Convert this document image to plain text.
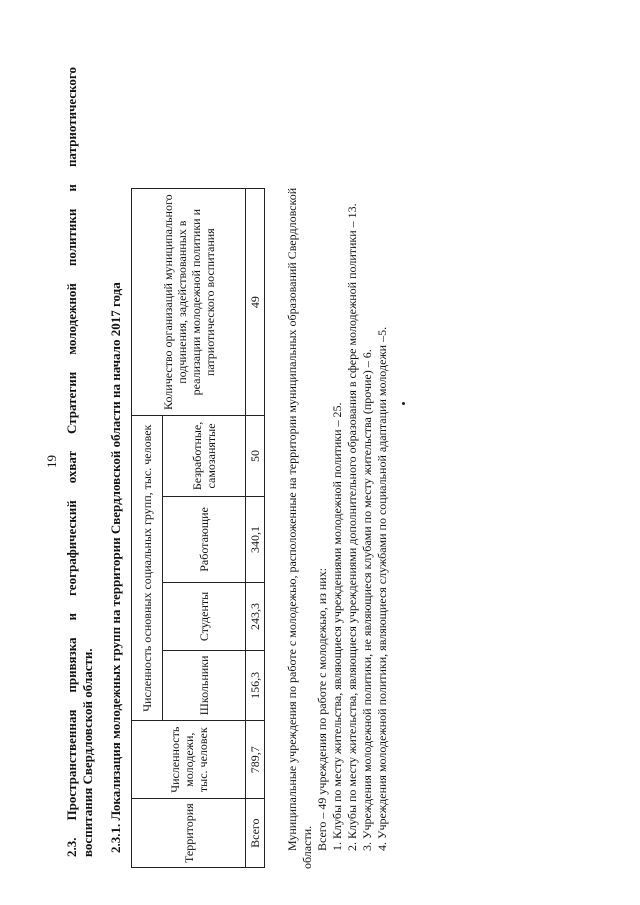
19 2.3. Пространственная привязка и географический охват Стратегии молодежной политики и патриотического воспитания Свердловской области. 2.3.1. Локализация молодежных групп на территории Свердловской области на начало 2017 года	Территория	Численность молодежи, тыс. человек	Численность основных социальных групп, тыс. человек				Количество организаций муниципального подчинения, задействованных в реализации молодежной политики и патриотического воспитания
		Школьники	Студенты	Работающие	Безработные, самозанятые	
Всего	789,7	156,3	243,3	340,1	50	49 Муниципальные учреждения по работе с молодежью, расположенные на территории муниципальных образований Свердловской области. Всего – 49 учреждения по работе с молодежью, из них: 1. Клубы по месту жительства, являющиеся учреждениями молодежной политики – 25. 2. Клубы по месту жительства, являющиеся учреждениями дополнительного образования в сфере молодежной политики – 13. 3. Учреждения молодежной политики, не являющиеся клубами по месту жительства (прочие) – 6. 4. Учреждения молодежной политики, являющиеся службами по социальной адаптации молодежи –5.
